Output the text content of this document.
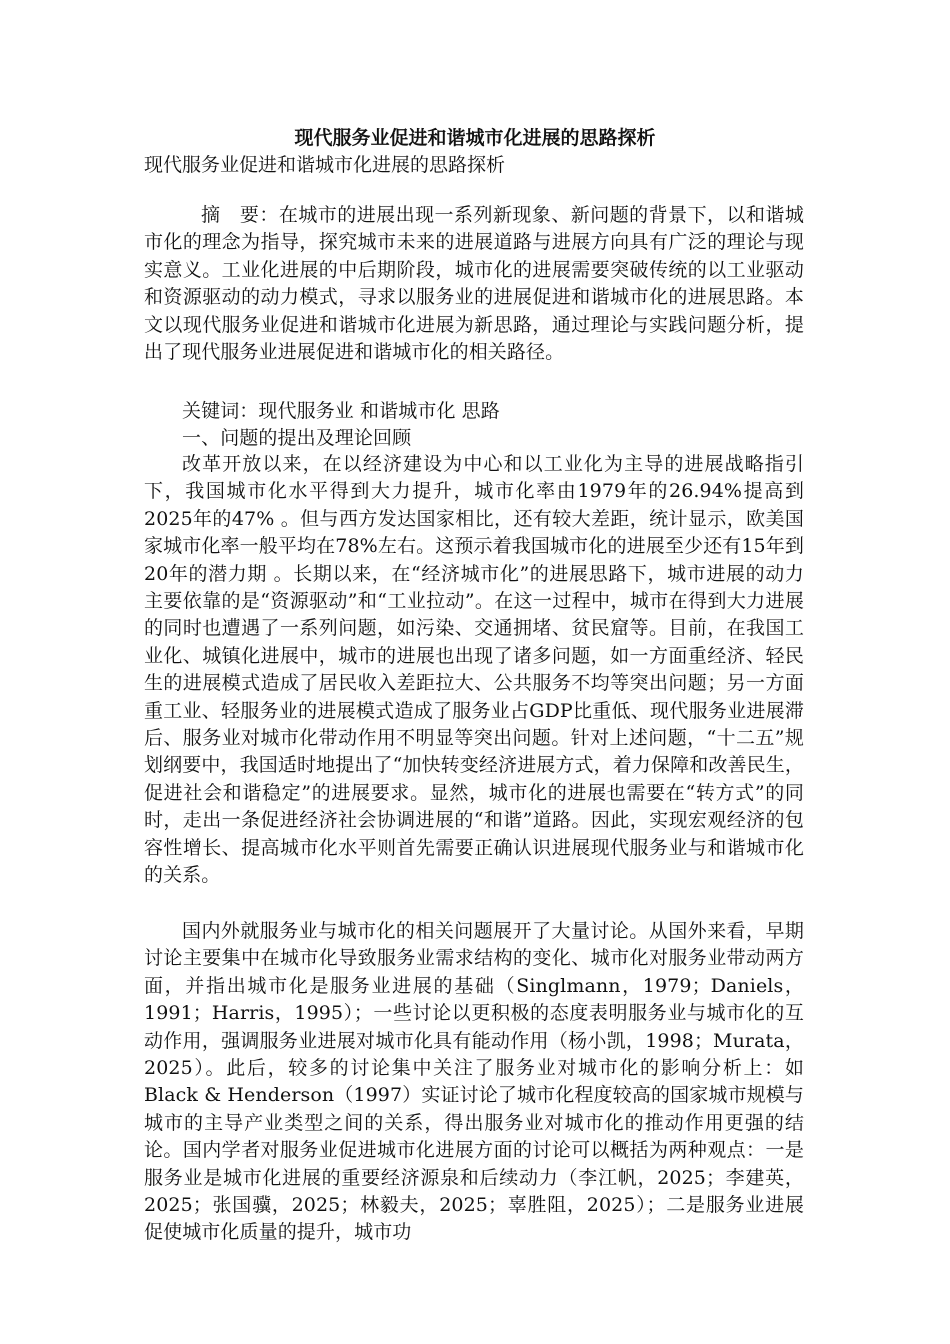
现代服务业促进和谐城市化进展的思路探析
现代服务业促进和谐城市化进展的思路探析
摘　要：在城市的进展出现一系列新现象、新问题的背景下，以和谐城市化的理念为指导，探究城市未来的进展道路与进展方向具有广泛的理论与现实意义。工业化进展的中后期阶段，城市化的进展需要突破传统的以工业驱动和资源驱动的动力模式，寻求以服务业的进展促进和谐城市化的进展思路。本文以现代服务业促进和谐城市化进展为新思路，通过理论与实践问题分析，提出了现代服务业进展促进和谐城市化的相关路径。
关键词：现代服务业 和谐城市化 思路
一、问题的提出及理论回顾
改革开放以来，在以经济建设为中心和以工业化为主导的进展战略指引下，我国城市化水平得到大力提升，城市化率由1979年的26.94%提高到2025年的47% 。但与西方发达国家相比，还有较大差距，统计显示，欧美国家城市化率一般平均在78%左右。这预示着我国城市化的进展至少还有15年到20年的潜力期 。长期以来，在“经济城市化”的进展思路下，城市进展的动力主要依靠的是“资源驱动”和“工业拉动”。在这一过程中，城市在得到大力进展的同时也遭遇了一系列问题，如污染、交通拥堵、贫民窟等。目前，在我国工业化、城镇化进展中，城市的进展也出现了诸多问题，如一方面重经济、轻民生的进展模式造成了居民收入差距拉大、公共服务不均等突出问题；另一方面重工业、轻服务业的进展模式造成了服务业占GDP比重低、现代服务业进展滞后、服务业对城市化带动作用不明显等突出问题。针对上述问题，“十二五”规划纲要中，我国适时地提出了“加快转变经济进展方式，着力保障和改善民生，促进社会和谐稳定”的进展要求。显然，城市化的进展也需要在“转方式”的同时，走出一条促进经济社会协调进展的“和谐”道路。因此，实现宏观经济的包容性增长、提高城市化水平则首先需要正确认识进展现代服务业与和谐城市化的关系。
国内外就服务业与城市化的相关问题展开了大量讨论。从国外来看，早期讨论主要集中在城市化导致服务业需求结构的变化、城市化对服务业带动两方面，并指出城市化是服务业进展的基础（Singlmann，1979；Daniels，1991；Harris，1995）；一些讨论以更积极的态度表明服务业与城市化的互动作用，强调服务业进展对城市化具有能动作用（杨小凯，1998；Murata，2025）。此后，较多的讨论集中关注了服务业对城市化的影响分析上：如Black & Henderson（1997）实证讨论了城市化程度较高的国家城市规模与城市的主导产业类型之间的关系，得出服务业对城市化的推动作用更强的结论。国内学者对服务业促进城市化进展方面的讨论可以概括为两种观点：一是服务业是城市化进展的重要经济源泉和后续动力（李江帆，2025；李建英，2025；张国骥，2025；林毅夫，2025；辜胜阻，2025）；二是服务业进展促使城市化质量的提升，城市功
